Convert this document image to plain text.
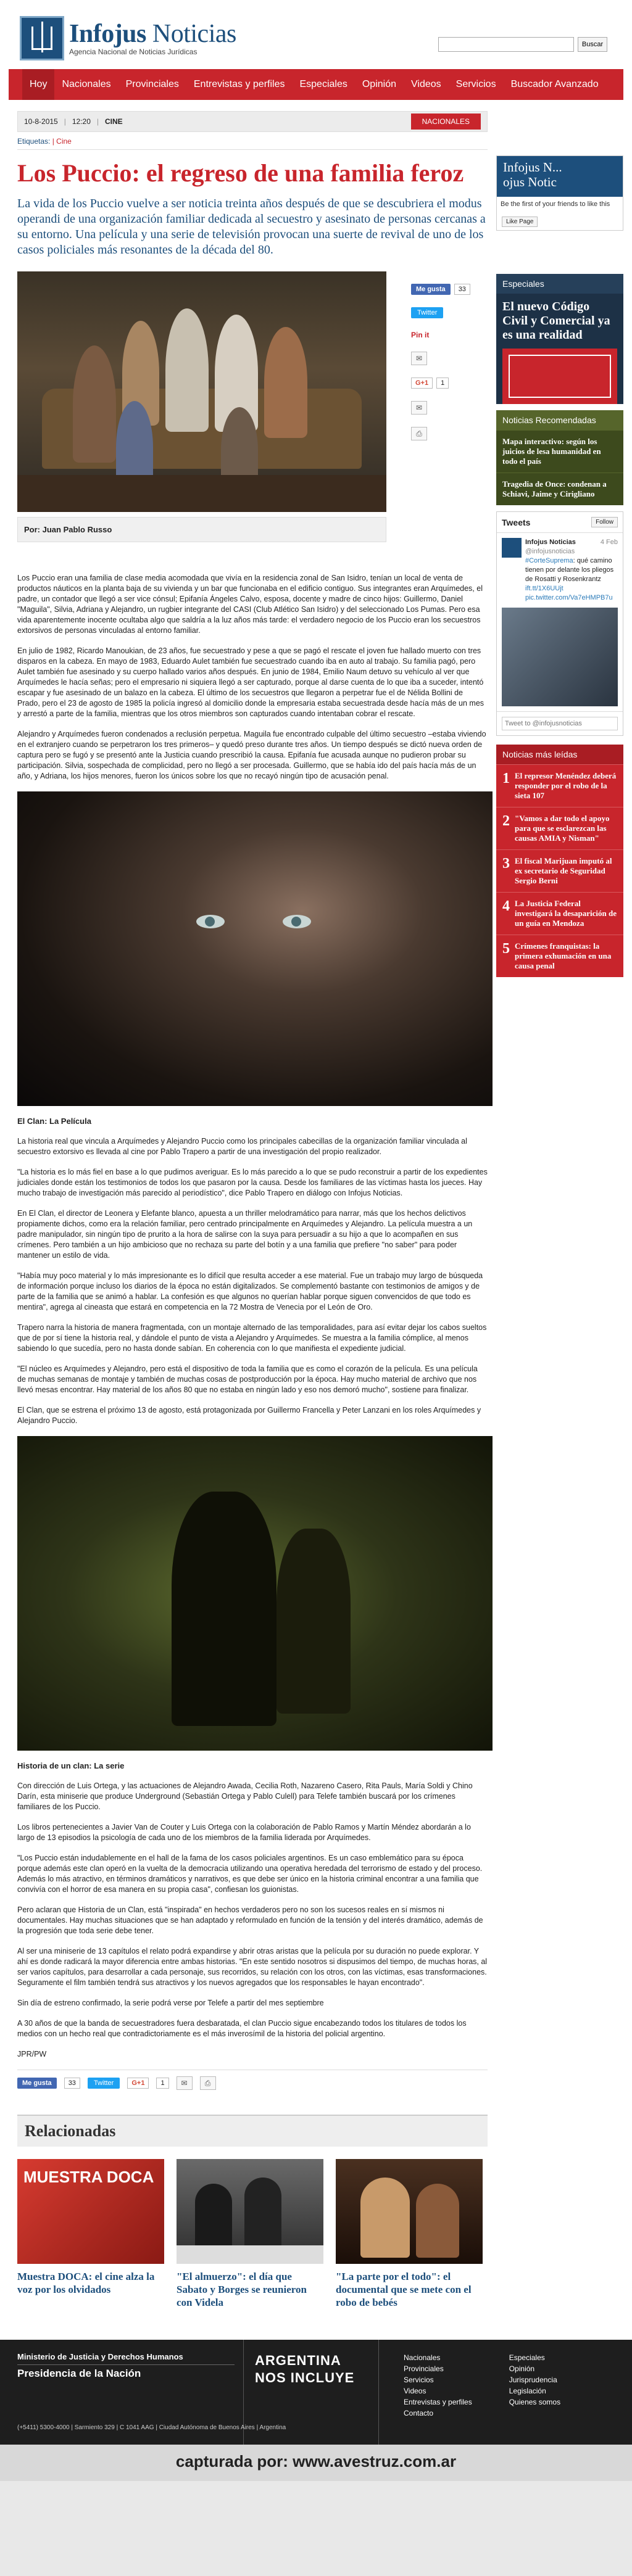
Infojus Noticias
Agencia Nacional de Noticias Jurídicas
Buscar
Hoy	Nacionales	Provinciales	Entrevistas y perfiles	Especiales	Opinión	Videos	Servicios	Buscador Avanzado
10-8-2015 | 12:20 | CINE	NACIONALES
Etiquetas: | Cine
Los Puccio: el regreso de una familia feroz
La vida de los Puccio vuelve a ser noticia treinta años después de que se descubriera el modus operandi de una organización familiar dedicada al secuestro y asesinato de personas cercanas a su entorno. Una película y una serie de televisión provocan una suerte de revival de uno de los casos policiales más resonantes de la década del 80.
Por: Juan Pablo Russo
Me gusta	33
Twitter
Pin it
✉
G+1	1
✉
⎙

Los Puccio eran una familia de clase media acomodada que vivía en la residencia zonal de San Isidro, tenían un local de venta de productos náuticos en la planta baja de su vivienda y un bar que funcionaba en el edificio contiguo. Sus integrantes eran Arquímedes, el padre, un contador que llegó a ser vice cónsul; Epifanía Ángeles Calvo, esposa, docente y madre de cinco hijos: Guillermo, Daniel "Maguila", Silvia, Adriana y Alejandro, un rugbier integrante del CASI (Club Atlético San Isidro) y del seleccionado Los Pumas. Pero esa vida aparentemente inocente ocultaba algo que saldría a la luz años más tarde: el verdadero negocio de los Puccio eran los secuestros extorsivos de personas vinculadas al entorno familiar.

En julio de 1982, Ricardo Manoukian, de 23 años, fue secuestrado y pese a que se pagó el rescate el joven fue hallado muerto con tres disparos en la cabeza. En mayo de 1983, Eduardo Aulet también fue secuestrado cuando iba en auto al trabajo. Su familia pagó, pero Aulet también fue asesinado y su cuerpo hallado varios años después. En junio de 1984, Emilio Naum detuvo su vehículo al ver que Arquímedes le hacía señas; pero el empresario ni siquiera llegó a ser capturado, porque al darse cuenta de lo que iba a suceder, intentó escapar y fue asesinado de un balazo en la cabeza. El último de los secuestros que llegaron a perpetrar fue el de Nélida Bollini de Prado, pero el 23 de agosto de 1985 la policía ingresó al domicilio donde la empresaria estaba secuestrada desde hacía más de un mes y arrestó a parte de la familia, mientras que los otros miembros son capturados cuando intentaban cobrar el rescate.

Alejandro y Arquímedes fueron condenados a reclusión perpetua. Maguila fue encontrado culpable del último secuestro –estaba viviendo en el extranjero cuando se perpetraron los tres primeros– y quedó preso durante tres años. Un tiempo después se dictó nueva orden de captura pero se fugó y se presentó ante la Justicia cuando prescribió la causa. Epifanía fue acusada aunque no pudieron probar su participación. Silvia, sospechada de complicidad, pero no llegó a ser procesada. Guillermo, que se había ido del país hacía más de un año, y Adriana, los hijos menores, fueron los únicos sobre los que no recayó ningún tipo de acusación penal.

El Clan: La Película

La historia real que vincula a Arquímedes y Alejandro Puccio como los principales cabecillas de la organización familiar vinculada al secuestro extorsivo es llevada al cine por Pablo Trapero a partir de una investigación del propio realizador.

"La historia es lo más fiel en base a lo que pudimos averiguar. Es lo más parecido a lo que se pudo reconstruir a partir de los expedientes judiciales donde están los testimonios de todos los que pasaron por la causa. Desde los familiares de las víctimas hasta los jueces. Hay mucho trabajo de investigación más parecido al periodístico", dice Pablo Trapero en diálogo con Infojus Noticias.

En El Clan, el director de Leonera y Elefante blanco, apuesta a un thriller melodramático para narrar, más que los hechos delictivos propiamente dichos, como era la relación familiar, pero centrado principalmente en Arquímedes y Alejandro. La película muestra a un padre manipulador, sin ningún tipo de prurito a la hora de salirse con la suya para persuadir a su hijo a que lo acompañen en sus crímenes. Pero también a un hijo ambicioso que no rechaza su parte del botín y a una familia que prefiere "no saber" para poder mantener un estilo de vida.

"Había muy poco material y lo más impresionante es lo difícil que resulta acceder a ese material. Fue un trabajo muy largo de búsqueda de información porque incluso los diarios de la época no están digitalizados. Se complementó bastante con testimonios de amigos y de parte de la familia que se animó a hablar. La confesión es que algunos no querían hablar porque siguen convencidos de que todo es mentira", agrega al cineasta que estará en competencia en la 72 Mostra de Venecia por el León de Oro.

Trapero narra la historia de manera fragmentada, con un montaje alternado de las temporalidades, para así evitar dejar los cabos sueltos que de por sí tiene la historia real, y dándole el punto de vista a Alejandro y Arquímedes. Se muestra a la familia cómplice, al menos sabiendo lo que sucedía, pero no hasta donde sabían. En coherencia con lo que manifiesta el expediente judicial.

"El núcleo es Arquímedes y Alejandro, pero está el dispositivo de toda la familia que es como el corazón de la película. Es una película de muchas semanas de montaje y también de muchas cosas de postproducción por la época. Hay mucho material de archivo que nos llevó mesas encontrar. Hay material de los años 80 que no estaba en ningún lado y eso nos demoró mucho", sostiene para finalizar.

El Clan, que se estrena el próximo 13 de agosto, está protagonizada por Guillermo Francella y Peter Lanzani en los roles Arquímedes y Alejandro Puccio.

Historia de un clan: La serie

Con dirección de Luis Ortega, y las actuaciones de Alejandro Awada, Cecilia Roth, Nazareno Casero, Rita Pauls, María Soldi y Chino Darín, esta miniserie que produce Underground (Sebastián Ortega y Pablo Culell) para Telefe también buscará por los crímenes familiares de los Puccio.

Los libros pertenecientes a Javier Van de Couter y Luis Ortega con la colaboración de Pablo Ramos y Martín Méndez abordarán a lo largo de 13 episodios la psicología de cada uno de los miembros de la familia liderada por Arquímedes.

"Los Puccio están indudablemente en el hall de la fama de los casos policiales argentinos. Es un caso emblemático para su época porque además este clan operó en la vuelta de la democracia utilizando una operativa heredada del terrorismo de estado y del proceso. Además lo más atractivo, en términos dramáticos y narrativos, es que debe ser único en la historia criminal encontrar a una familia que convivía con el horror de esa manera en su propia casa", confiesan los guionistas.

Pero aclaran que Historia de un Clan, está "inspirada" en hechos verdaderos pero no son los sucesos reales en sí mismos ni documentales. Hay muchas situaciones que se han adaptado y reformulado en función de la tensión y del interés dramático, además de la progresión que toda serie debe tener.

Al ser una miniserie de 13 capítulos el relato podrá expandirse y abrir otras aristas que la película por su duración no puede explorar. Y ahí es donde radicará la mayor diferencia entre ambas historias. "En este sentido nosotros si dispusimos del tiempo, de muchas horas, al ser varios capítulos, para desarrollar a cada personaje, sus recorridos, su relación con los otros, con las víctimas, esas transformaciones. Seguramente el film también tendrá sus atractivos y los nuevos agregados que los responsables le hayan encontrado".

Sin día de estreno confirmado, la serie podrá verse por Telefe a partir del mes septiembre

A 30 años de que la banda de secuestradores fuera desbaratada, el clan Puccio sigue encabezando todos los titulares de todos los medios con un hecho real que contradictoriamente es el más inverosímil de la historia del policial argentino.

JPR/PW

Me gusta	33	Twitter	G+1	1	✉	⎙
Relacionadas
MUESTRA DOCA
Muestra DOCA: el cine alza la voz por los olvidados
"El almuerzo": el día que Sabato y Borges se reunieron con Videla
"La parte por el todo": el documental que se mete con el robo de bebés
Infojus N...
ojus Notic
Be the first of your friends to like this
Like Page
Especiales
El nuevo Código Civil y Comercial ya es una realidad
Noticias Recomendadas
Mapa interactivo: según los juicios de lesa humanidad en todo el país
Tragedia de Once: condenan a Schiavi, Jaime y Cirigliano
Tweets	Follow
Infojus Noticias	4 Feb

@infojusnoticias
#CorteSuprema: qué camino tienen por delante los pliegos de Rosatti y Rosenkrantz ift.tt/1X6UUjt pic.twitter.com/Va7eHMPB7u
Tweet to @infojusnoticias
Noticias más leídas
1 El represor Menéndez deberá responder por el robo de la sieta 107
2 "Vamos a dar todo el apoyo para que se esclarezcan las causas AMIA y Nisman"
3 El fiscal Marijuan imputó al ex secretario de Seguridad Sergio Berni
4 La Justicia Federal investigará la desaparición de un guía en Mendoza
5 Crímenes franquistas: la primera exhumación en una causa penal
Ministerio de Justicia y Derechos Humanos
Presidencia de la Nación
(+5411) 5300-4000 | Sarmiento 329 | C 1041 AAG | Ciudad Autónoma de Buenos Aires | Argentina
ARGENTINA
NOS INCLUYE
Nacionales
Provinciales
Servicios
Videos
Entrevistas y perfiles
Contacto
Especiales
Opinión
Jurisprudencia
Legislación
Quienes somos
capturada por: www.avestruz.com.ar
